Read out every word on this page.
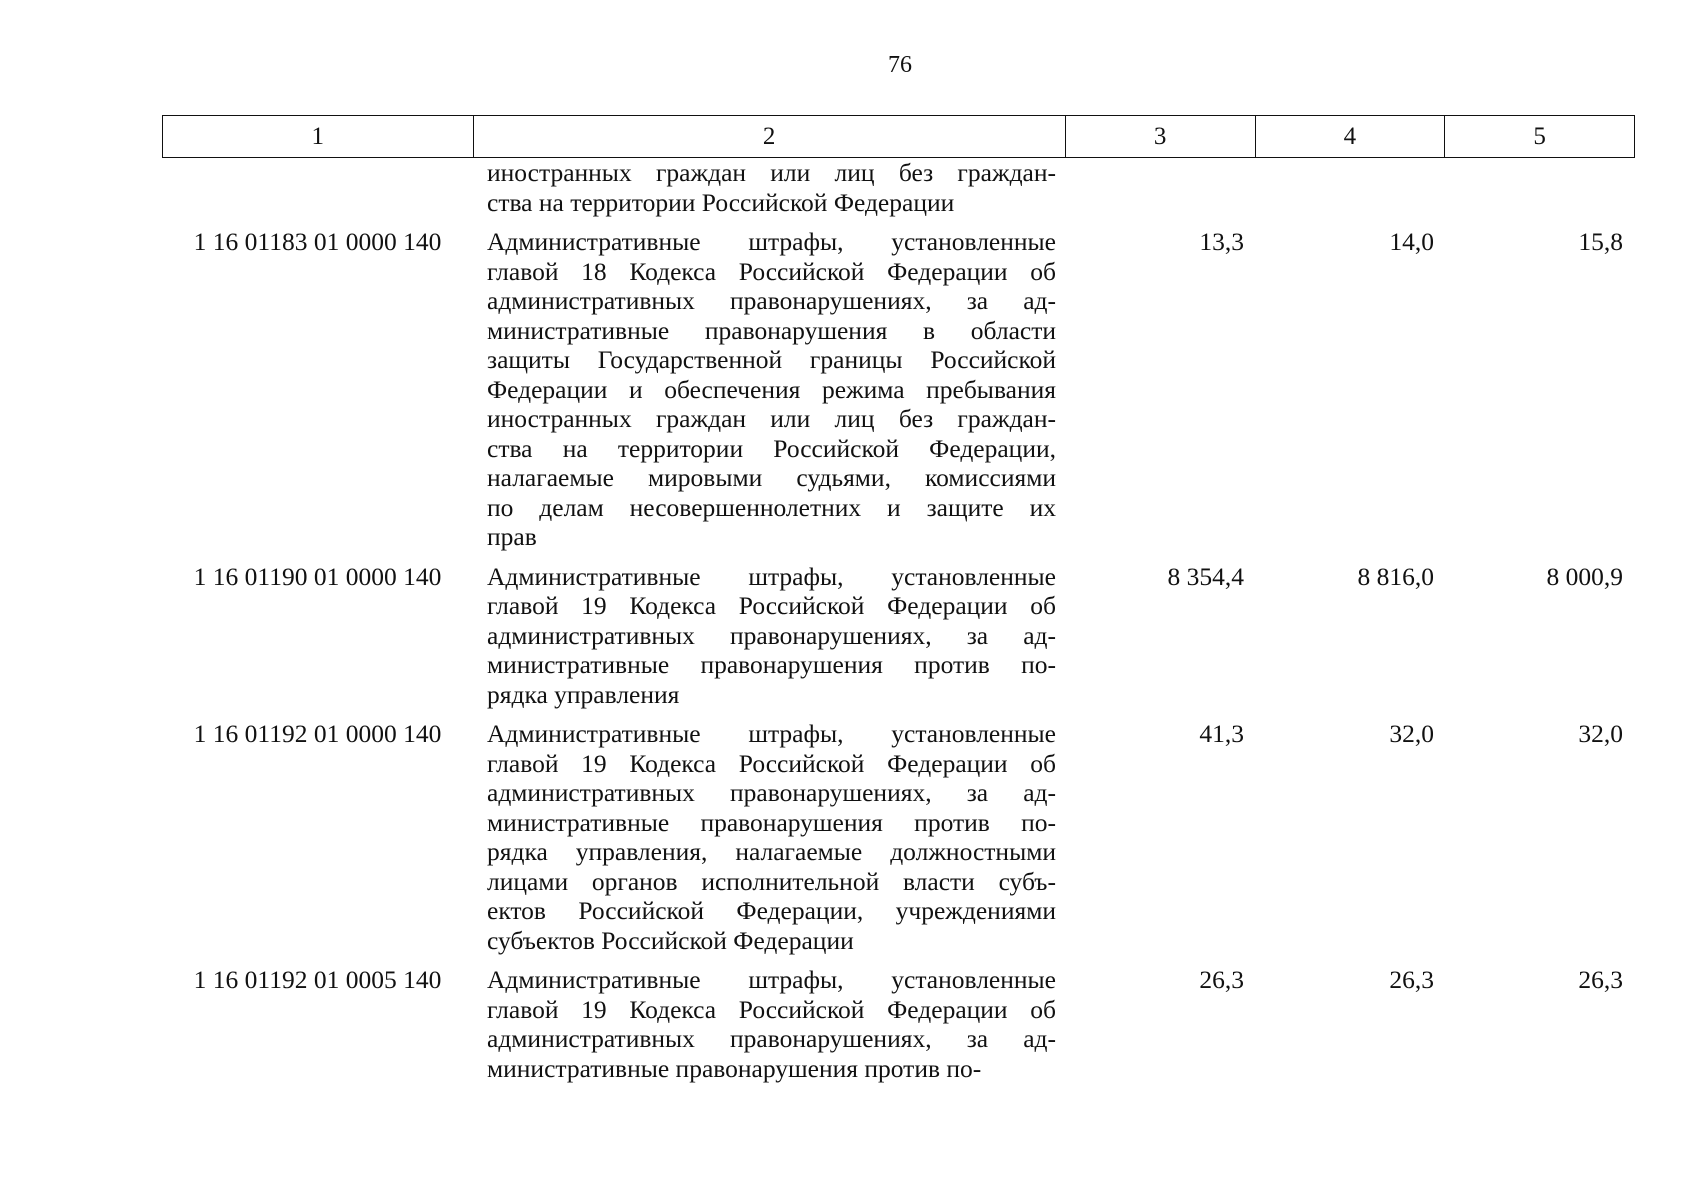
76
1	2	3	4	5
иностранных граждан или лиц без граждан-
ства на территории Российской Федерации
1 16 01183 01 0000 140	Административные штрафы, установленные
главой 18 Кодекса Российской Федерации об
административных правонарушениях, за ад-
министративные правонарушения в области
защиты Государственной границы Российской
Федерации и обеспечения режима пребывания
иностранных граждан или лиц без граждан-
ства на территории Российской Федерации,
налагаемые мировыми судьями, комиссиями
по делам несовершеннолетних и защите их
прав
13,3	14,0	15,8
1 16 01190 01 0000 140	Административные штрафы, установленные
главой 19 Кодекса Российской Федерации об
административных правонарушениях, за ад-
министративные правонарушения против по-
рядка управления
8 354,4	8 816,0	8 000,9
1 16 01192 01 0000 140	Административные штрафы, установленные
главой 19 Кодекса Российской Федерации об
административных правонарушениях, за ад-
министративные правонарушения против по-
рядка управления, налагаемые должностными
лицами органов исполнительной власти субъ-
ектов Российской Федерации, учреждениями
субъектов Российской Федерации
41,3	32,0	32,0
1 16 01192 01 0005 140	Административные штрафы, установленные
главой 19 Кодекса Российской Федерации об
административных правонарушениях, за ад-
министративные правонарушения против по-
26,3	26,3	26,3
